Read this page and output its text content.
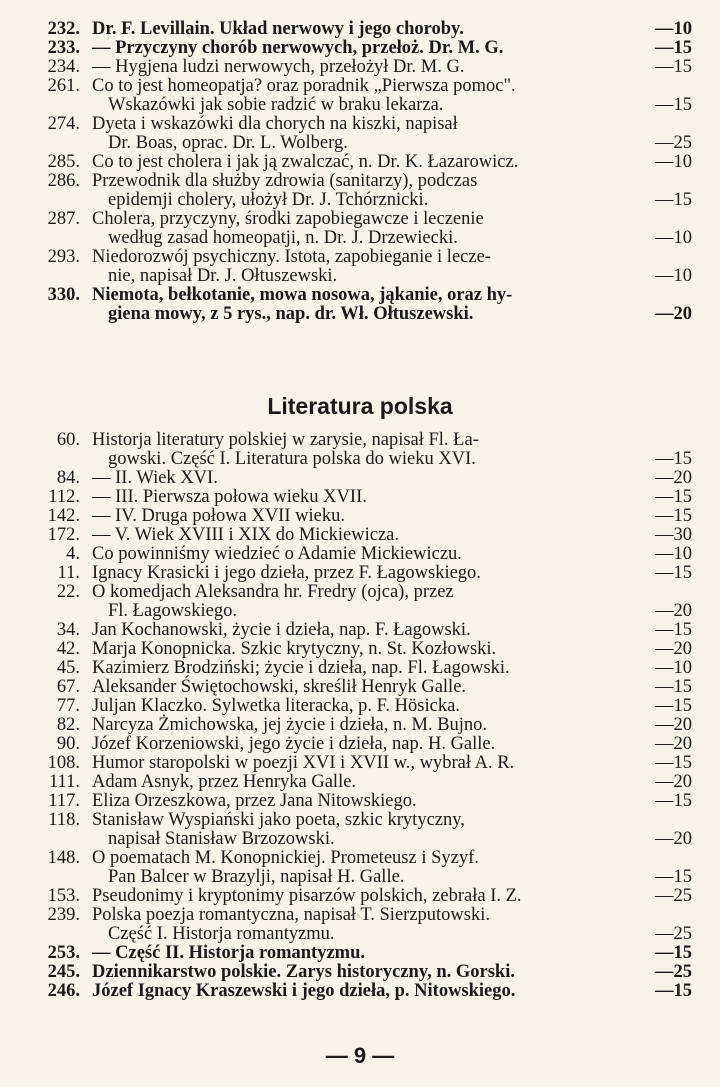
232. Dr. F. Levillain. Układ nerwowy i jego choroby.	—10
233. — Przyczyny chorób nerwowych, przełoż. Dr. M. G.	—15
234. — Hygjena ludzi nerwowych, przełożył Dr. M. G.	—15
261. Co to jest homeopatja? oraz poradnik „Pierwsza pomoc".
Wskazówki jak sobie radzić w braku lekarza.	—15
274. Dyeta i wskazówki dla chorych na kiszki, napisał
Dr. Boas, oprac. Dr. L. Wolberg.	—25
285. Co to jest cholera i jak ją zwalczać, n. Dr. K. Łazarowicz.	—10
286. Przewodnik dla służby zdrowia (sanitarzy), podczas
epidemji cholery, ułożył Dr. J. Tchórznicki.	—15
287. Cholera, przyczyny, środki zapobiegawcze i leczenie
według zasad homeopatji, n. Dr. J. Drzewiecki.	—10
293. Niedorozwój psychiczny. Istota, zapobieganie i lecze-
nie, napisał Dr. J. Ołtuszewski.	—10
330. Niemota, bełkotanie, mowa nosowa, jąkanie, oraz hy-
giena mowy, z 5 rys., nap. dr. Wł. Ołtuszewski.	—20
Literatura polska
60. Historja literatury polskiej w zarysie, napisał Fl. Ła-
gowski. Część I. Literatura polska do wieku XVI.	—15
84. — II. Wiek XVI.	—20
112. — III. Pierwsza połowa wieku XVII.	—15
142. — IV. Druga połowa XVII wieku.	—15
172. — V. Wiek XVIII i XIX do Mickiewicza.	—30
4. Co powinniśmy wiedzieć o Adamie Mickiewiczu.	—10
11. Ignacy Krasicki i jego dzieła, przez F. Łagowskiego.	—15
22. O komedjach Aleksandra hr. Fredry (ojca), przez
Fl. Łagowskiego.	—20
34. Jan Kochanowski, życie i dzieła, nap. F. Łagowski.	—15
42. Marja Konopnicka. Szkic krytyczny, n. St. Kozłowski.	—20
45. Kazimierz Brodziński; życie i dzieła, nap. Fl. Łagowski.	—10
67. Aleksander Świętochowski, skreślił Henryk Galle.	—15
77. Juljan Klaczko. Sylwetka literacka, p. F. Hösicka.	—15
82. Narcyza Żmichowska, jej życie i dzieła, n. M. Bujno.	—20
90. Józef Korzeniowski, jego życie i dzieła, nap. H. Galle.	—20
108. Humor staropolski w poezji XVI i XVII w., wybrał A. R.	—15
111. Adam Asnyk, przez Henryka Galle.	—20
117. Eliza Orzeszkowa, przez Jana Nitowskiego.	—15
118. Stanisław Wyspiański jako poeta, szkic krytyczny,
napisał Stanisław Brzozowski.	—20
148. O poematach M. Konopnickiej. Prometeusz i Syzyf.
Pan Balcer w Brazylji, napisał H. Galle.	—15
153. Pseudonimy i kryptonimy pisarzów polskich, zebrała I. Z.	—25
239. Polska poezja romantyczna, napisał T. Sierzputowski.
Część I. Historja romantyzmu.	—25
253. — Część II. Historja romantyzmu.	—15
245. Dziennikarstwo polskie. Zarys historyczny, n. Gorski.	—25
246. Józef Ignacy Kraszewski i jego dzieła, p. Nitowskiego.	—15
— 9 —
